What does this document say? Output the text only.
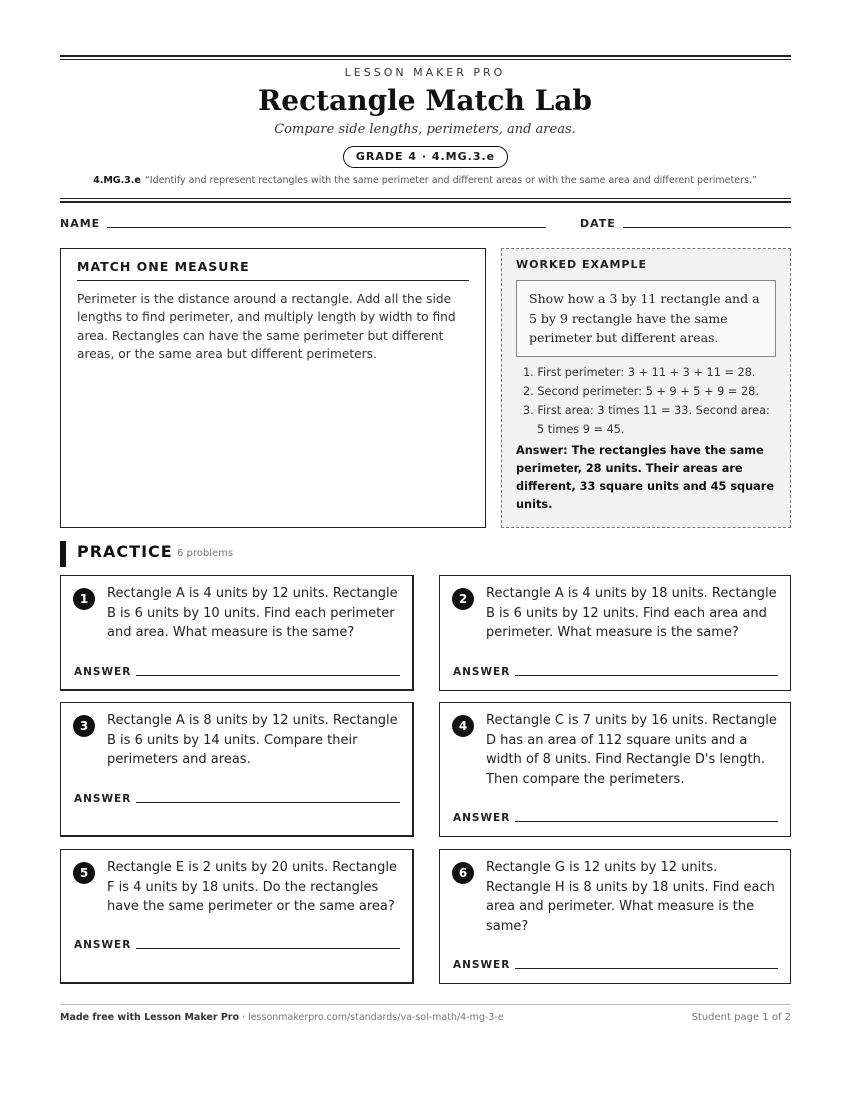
LESSON MAKER PRO
Rectangle Match Lab
Compare side lengths, perimeters, and areas.
GRADE 4 · 4.MG.3.e
4.MG.3.e “Identify and represent rectangles with the same perimeter and different areas or with the same area and different perimeters.”
NAME	DATE
MATCH ONE MEASURE
Perimeter is the distance around a rectangle. Add all the side lengths to find perimeter, and multiply length by width to find area. Rectangles can have the same perimeter but different areas, or the same area but different perimeters.
WORKED EXAMPLE
Show how a 3 by 11 rectangle and a 5 by 9 rectangle have the same perimeter but different areas.
1. First perimeter: 3 + 11 + 3 + 11 = 28.
2. Second perimeter: 5 + 9 + 5 + 9 = 28.
3. First area: 3 times 11 = 33. Second area: 5 times 9 = 45.
Answer: The rectangles have the same perimeter, 28 units. Their areas are different, 33 square units and 45 square units.
PRACTICE 6 problems
1	Rectangle A is 4 units by 12 units. Rectangle B is 6 units by 10 units. Find each perimeter and area. What measure is the same?
ANSWER
2	Rectangle A is 4 units by 18 units. Rectangle B is 6 units by 12 units. Find each area and perimeter. What measure is the same?
ANSWER
3	Rectangle A is 8 units by 12 units. Rectangle B is 6 units by 14 units. Compare their perimeters and areas.
ANSWER
4	Rectangle C is 7 units by 16 units. Rectangle D has an area of 112 square units and a width of 8 units. Find Rectangle D's length. Then compare the perimeters.
ANSWER
5	Rectangle E is 2 units by 20 units. Rectangle F is 4 units by 18 units. Do the rectangles have the same perimeter or the same area?
ANSWER
6	Rectangle G is 12 units by 12 units. Rectangle H is 8 units by 18 units. Find each area and perimeter. What measure is the same?
ANSWER
Made free with Lesson Maker Pro · lessonmakerpro.com/standards/va-sol-math/4-mg-3-e	Student page 1 of 2
